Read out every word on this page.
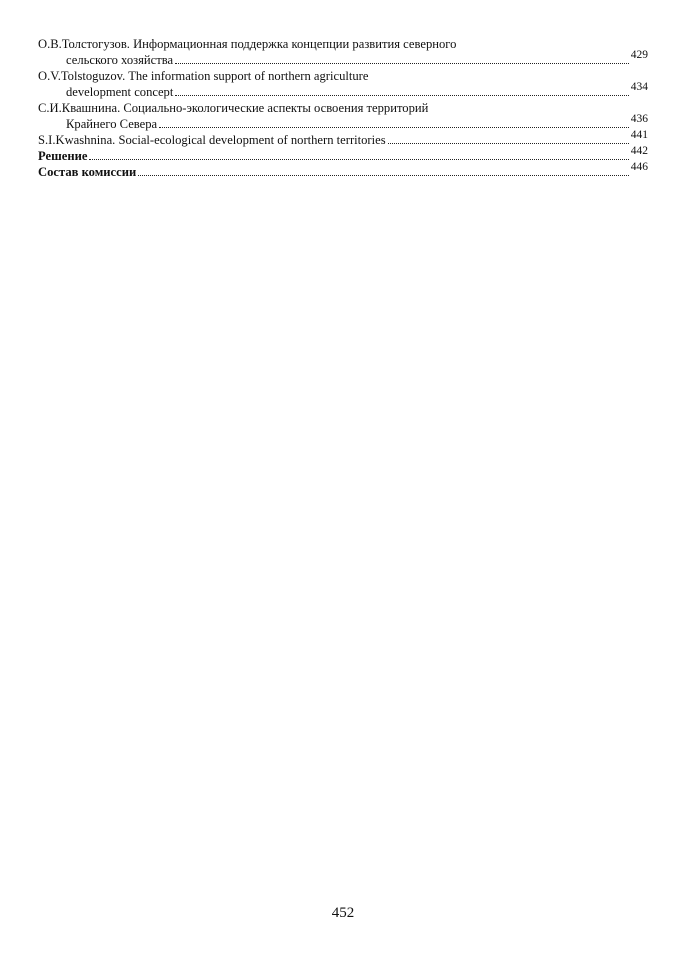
О.В.Толстогузов. Информационная поддержка концепции развития северного
сельского хозяйства	429
O.V.Tolstoguzov. The information support of northern agriculture
development concept	434
С.И.Квашнина. Социально-экологические аспекты освоения территорий
Крайнего Севера	436
S.I.Kwashnina. Social-ecological development of northern territories	441
Решение	442
Состав комиссии	446
452
